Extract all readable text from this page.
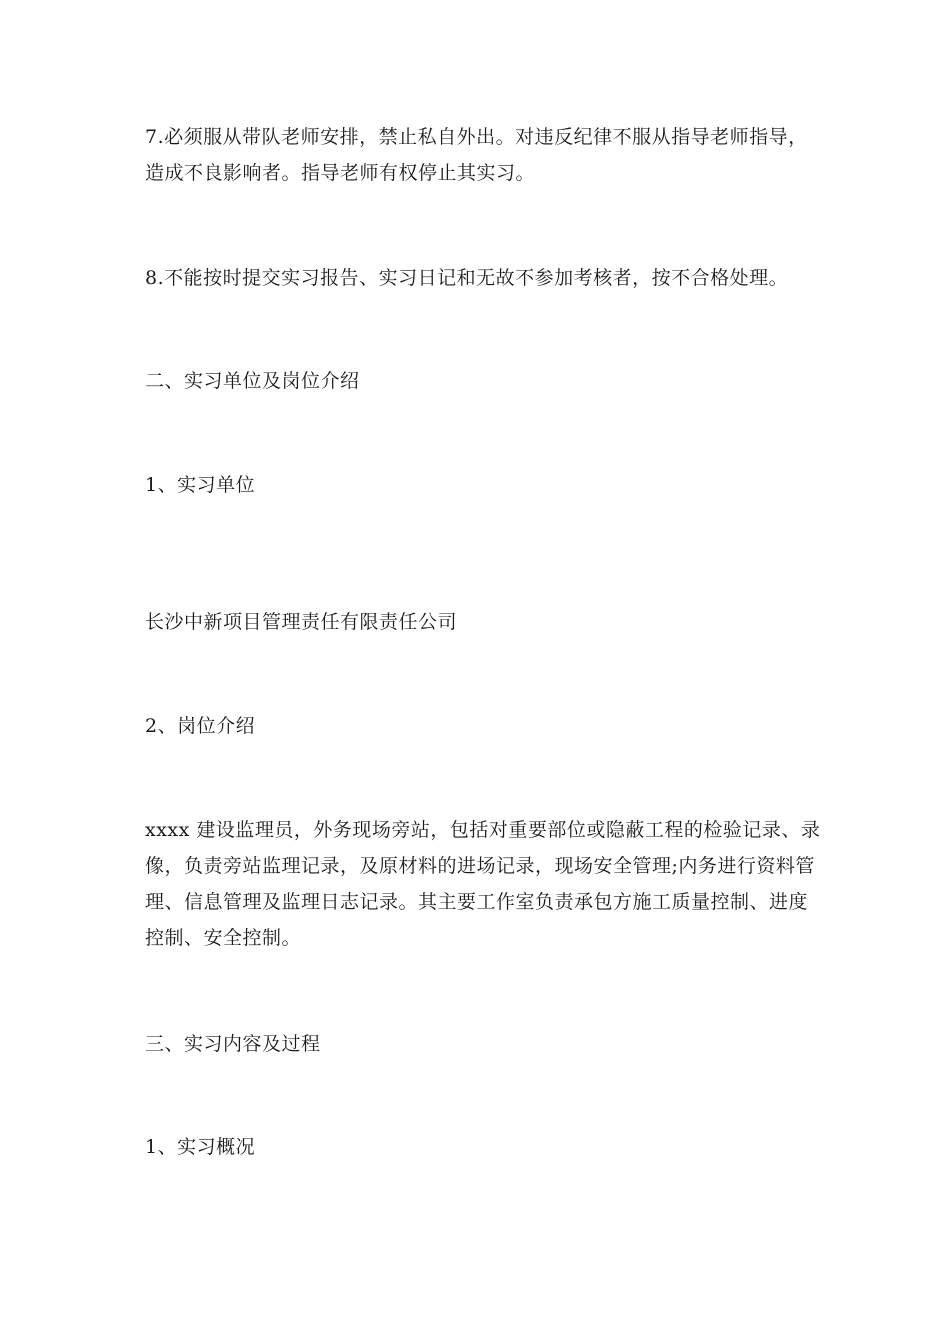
7.必须服从带队老师安排，禁止私自外出。对违反纪律不服从指导老师指导，
造成不良影响者。指导老师有权停止其实习。

8.不能按时提交实习报告、实习日记和无故不参加考核者，按不合格处理。

二、实习单位及岗位介绍

1、实习单位

长沙中新项目管理责任有限责任公司

2、岗位介绍

xxxx 建设监理员，外务现场旁站，包括对重要部位或隐蔽工程的检验记录、录
像，负责旁站监理记录，及原材料的进场记录，现场安全管理;内务进行资料管
理、信息管理及监理日志记录。其主要工作室负责承包方施工质量控制、进度
控制、安全控制。

三、实习内容及过程

1、实习概况
